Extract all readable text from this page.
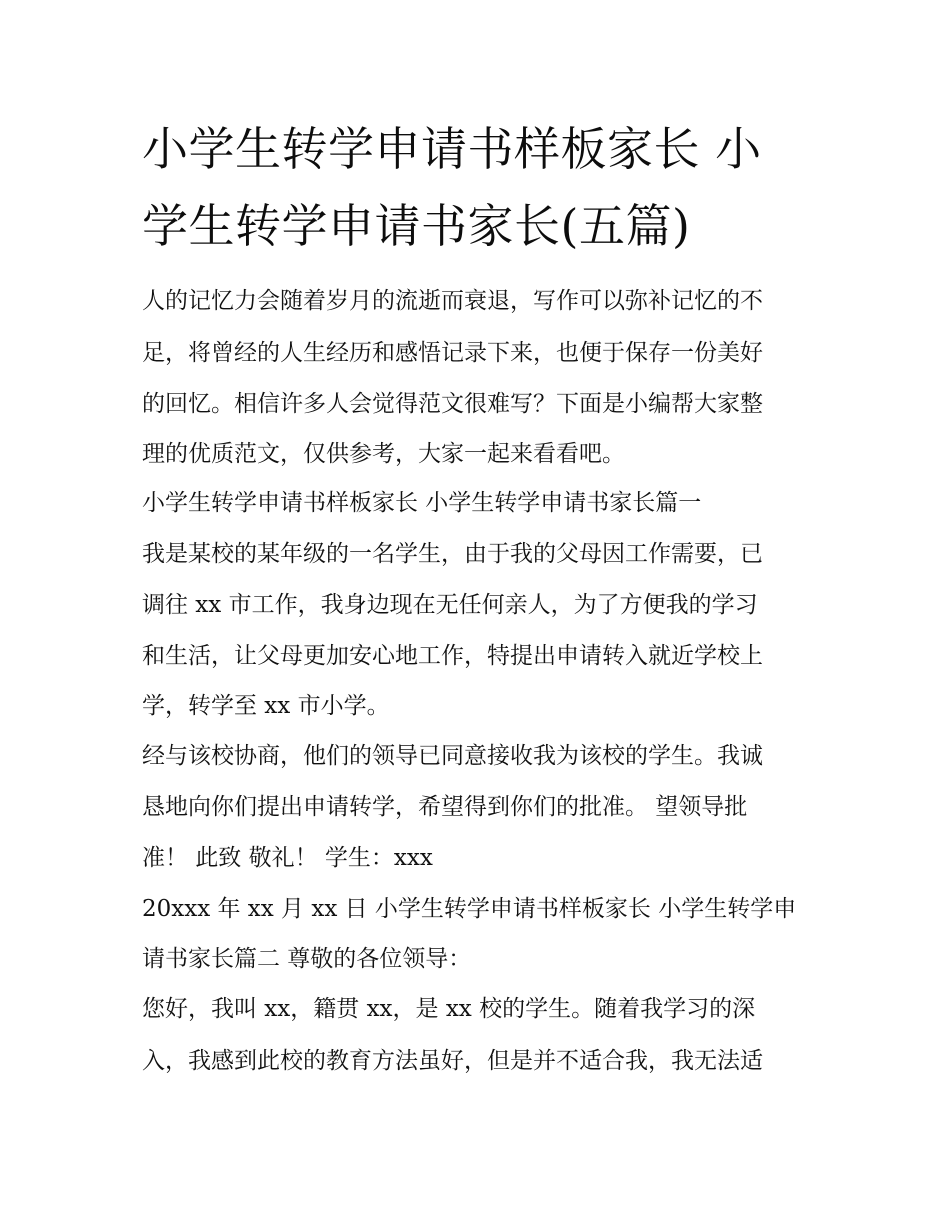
小学生转学申请书样板家长 小
学生转学申请书家长(五篇)
人的记忆力会随着岁月的流逝而衰退，写作可以弥补记忆的不
足，将曾经的人生经历和感悟记录下来，也便于保存一份美好
的回忆。相信许多人会觉得范文很难写？下面是小编帮大家整
理的优质范文，仅供参考，大家一起来看看吧。
小学生转学申请书样板家长 小学生转学申请书家长篇一
我是某校的某年级的一名学生，由于我的父母因工作需要，已
调往 xx 市工作，我身边现在无任何亲人，为了方便我的学习
和生活，让父母更加安心地工作，特提出申请转入就近学校上
学，转学至 xx 市小学。
经与该校协商，他们的领导已同意接收我为该校的学生。我诚
恳地向你们提出申请转学，希望得到你们的批准。 望领导批
准！ 此致 敬礼！ 学生：xxx
20xxx 年 xx 月 xx 日 小学生转学申请书样板家长 小学生转学申
请书家长篇二 尊敬的各位领导：
您好，我叫 xx，籍贯 xx，是 xx 校的学生。随着我学习的深
入，我感到此校的教育方法虽好，但是并不适合我，我无法适
